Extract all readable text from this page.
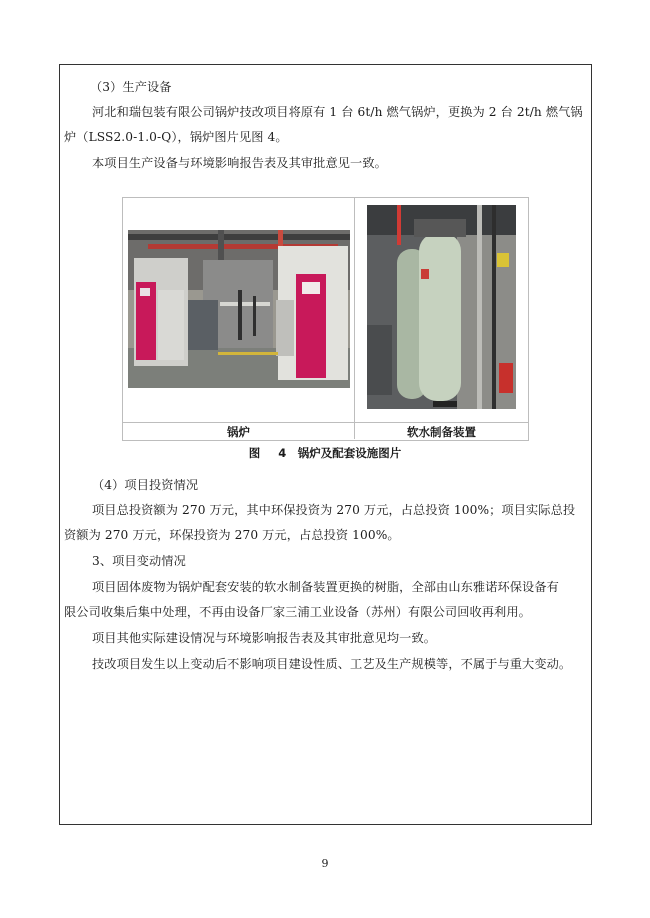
（3）生产设备
河北和瑞包装有限公司锅炉技改项目将原有 1 台 6t/h 燃气锅炉，更换为 2 台 2t/h 燃气锅
炉（LSS2.0-1.0-Q），锅炉图片见图 4。
本项目生产设备与环境影响报告表及其审批意见一致。
锅炉	软水制备装置
图 4　锅炉及配套设施图片
（4）项目投资情况
项目总投资额为 270 万元，其中环保投资为 270 万元，占总投资 100%；项目实际总投
资额为 270 万元，环保投资为 270 万元，占总投资 100%。
3、项目变动情况
项目固体废物为锅炉配套安装的软水制备装置更换的树脂，全部由山东雅诺环保设备有
限公司收集后集中处理，不再由设备厂家三浦工业设备（苏州）有限公司回收再利用。
项目其他实际建设情况与环境影响报告表及其审批意见均一致。
技改项目发生以上变动后不影响项目建设性质、工艺及生产规模等，不属于与重大变动。
9
